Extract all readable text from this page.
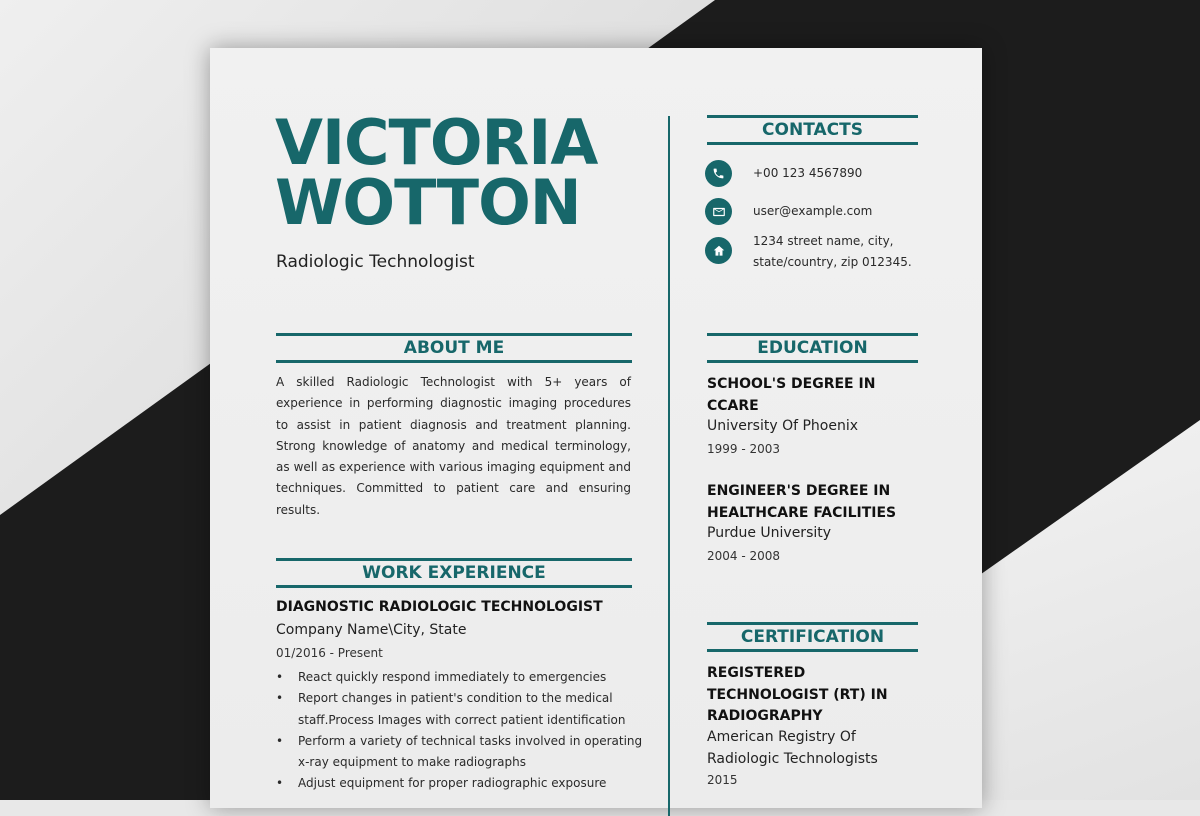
VICTORIA
WOTTON

Radiologic Technologist

ABOUT ME

A skilled Radiologic Technologist with 5+ years of experience in performing diagnostic imaging procedures to assist in patient diagnosis and treatment planning. Strong knowledge of anatomy and medical terminology, as well as experience with various imaging equipment and techniques. Committed to patient care and ensuring results.

WORK EXPERIENCE

DIAGNOSTIC RADIOLOGIC TECHNOLOGIST

Company Name\City, State

01/2016 - Present

• React quickly respond immediately to emergencies
• Report changes in patient's condition to the medical staff.Process Images with correct patient identification
• Perform a variety of technical tasks involved in operating x-ray equipment to make radiographs
• Adjust equipment for proper radiographic exposure
CONTACTS

+00 123 4567890

user@example.com

1234 street name, city,

state/country, zip 012345.

EDUCATION

SCHOOL'S DEGREE IN CCARE

University Of Phoenix

1999 - 2003

ENGINEER'S DEGREE IN HEALTHCARE FACILITIES

Purdue University

2004 - 2008

CERTIFICATION

REGISTERED TECHNOLOGIST (RT) IN RADIOGRAPHY

American Registry Of Radiologic Technologists

2015
